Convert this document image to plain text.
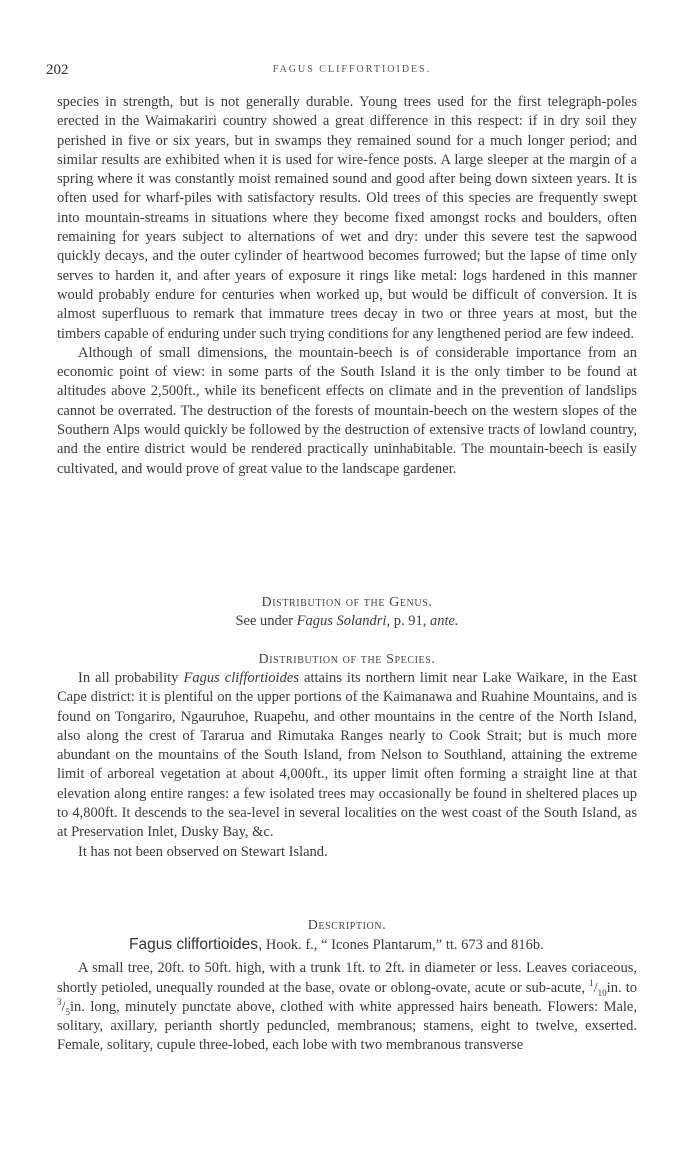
202	FAGUS CLIFFORTIOIDES.

species in strength, but is not generally durable. Young trees used for the first telegraph-poles erected in the Waimakariri country showed a great difference in this respect: if in dry soil they perished in five or six years, but in swamps they remained sound for a much longer period; and similar results are exhibited when it is used for wire-fence posts. A large sleeper at the margin of a spring where it was constantly moist remained sound and good after being down sixteen years. It is often used for wharf-piles with satisfactory results. Old trees of this species are frequently swept into mountain-streams in situations where they become fixed amongst rocks and boulders, often remaining for years subject to alternations of wet and dry: under this severe test the sapwood quickly decays, and the outer cylinder of heartwood becomes furrowed; but the lapse of time only serves to harden it, and after years of exposure it rings like metal: logs hardened in this manner would probably endure for centuries when worked up, but would be difficult of conversion. It is almost superfluous to remark that immature trees decay in two or three years at most, but the timbers capable of enduring under such trying conditions for any lengthened period are few indeed.

Although of small dimensions, the mountain-beech is of considerable importance from an economic point of view: in some parts of the South Island it is the only timber to be found at altitudes above 2,500ft., while its beneficent effects on climate and in the prevention of landslips cannot be overrated. The destruction of the forests of mountain-beech on the western slopes of the Southern Alps would quickly be followed by the destruction of extensive tracts of lowland country, and the entire district would be rendered practically uninhabitable. The mountain-beech is easily cultivated, and would prove of great value to the landscape gardener.

Distribution of the Genus.

See under Fagus Solandri, p. 91, ante.

Distribution of the Species.

In all probability Fagus cliffortioides attains its northern limit near Lake Waikare, in the East Cape district: it is plentiful on the upper portions of the Kaimanawa and Ruahine Mountains, and is found on Tongariro, Ngauruhoe, Ruapehu, and other mountains in the centre of the North Island, also along the crest of Tararua and Rimutaka Ranges nearly to Cook Strait; but is much more abundant on the mountains of the South Island, from Nelson to Southland, attaining the extreme limit of arboreal vegetation at about 4,000ft., its upper limit often forming a straight line at that elevation along entire ranges: a few isolated trees may occasionally be found in sheltered places up to 4,800ft. It descends to the sea-level in several localities on the west coast of the South Island, as at Preservation Inlet, Dusky Bay, &c.

It has not been observed on Stewart Island.

Description.

Fagus cliffortioides, Hook. f., “ Icones Plantarum,” tt. 673 and 816b.

A small tree, 20ft. to 50ft. high, with a trunk 1ft. to 2ft. in diameter or less. Leaves coriaceous, shortly petioled, unequally rounded at the base, ovate or oblong-ovate, acute or sub-acute, $^1/_{10}in$. to $^3/_5in$. long, minutely punctate above, clothed with white appressed hairs beneath. Flowers: Male, solitary, axillary, perianth shortly peduncled, membranous; stamens, eight to twelve, exserted. Female, solitary, cupule three-lobed, each lobe with two membranous transverse
